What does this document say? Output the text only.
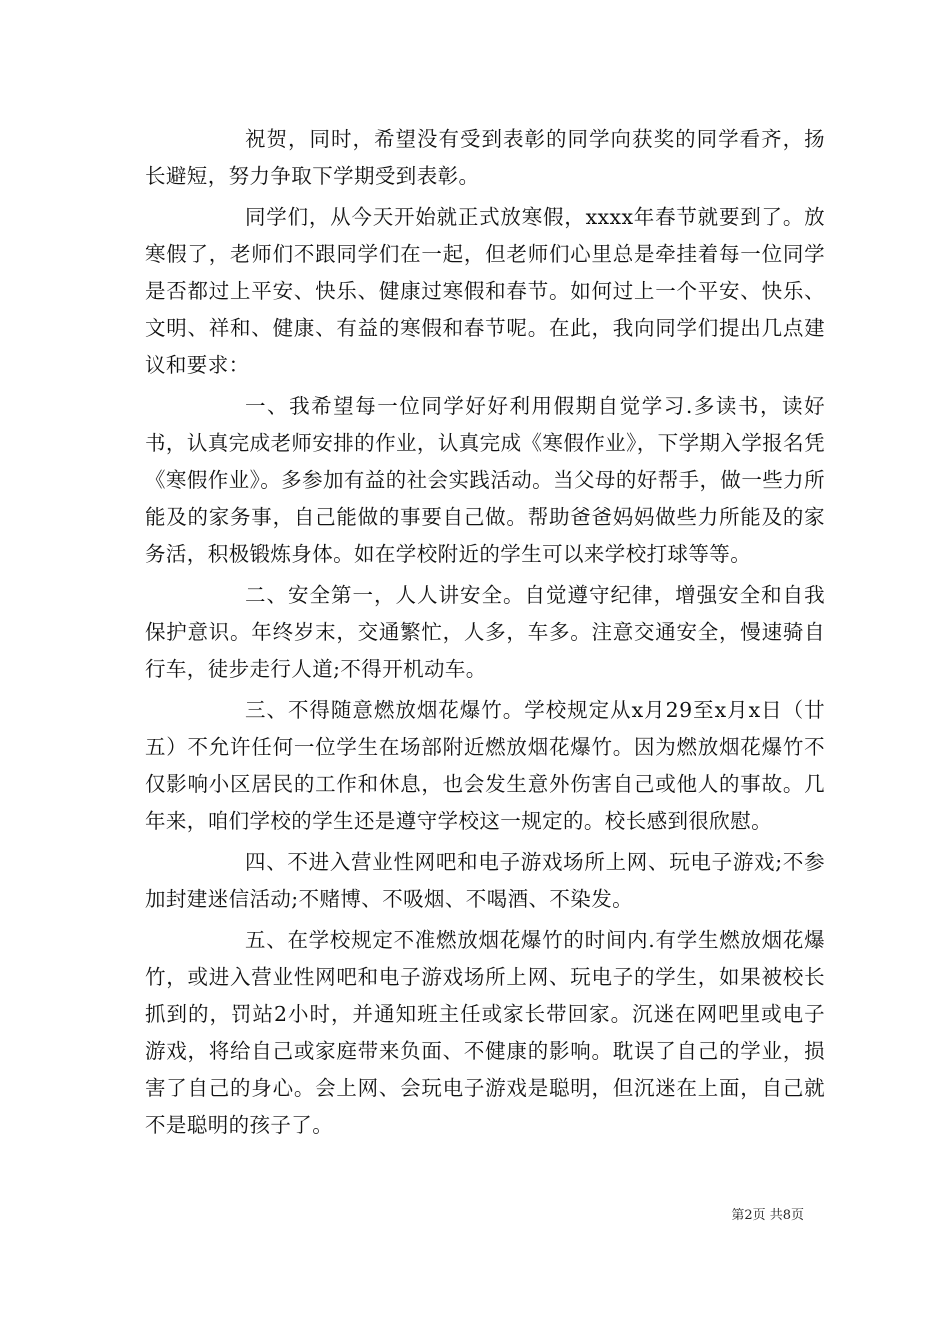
祝贺，同时，希望没有受到表彰的同学向获奖的同学看齐，扬长避短，努力争取下学期受到表彰。

同学们，从今天开始就正式放寒假，xxxx年春节就要到了。放寒假了，老师们不跟同学们在一起，但老师们心里总是牵挂着每一位同学是否都过上平安、快乐、健康过寒假和春节。如何过上一个平安、快乐、文明、祥和、健康、有益的寒假和春节呢。在此，我向同学们提出几点建议和要求：

一、我希望每一位同学好好利用假期自觉学习.多读书，读好书，认真完成老师安排的作业，认真完成《寒假作业》，下学期入学报名凭《寒假作业》。多参加有益的社会实践活动。当父母的好帮手，做一些力所能及的家务事，自己能做的事要自己做。帮助爸爸妈妈做些力所能及的家务活，积极锻炼身体。如在学校附近的学生可以来学校打球等等。

二、安全第一，人人讲安全。自觉遵守纪律，增强安全和自我保护意识。年终岁末，交通繁忙，人多，车多。注意交通安全，慢速骑自行车，徒步走行人道;不得开机动车。

三、不得随意燃放烟花爆竹。学校规定从x月29至x月x日（廿五）不允许任何一位学生在场部附近燃放烟花爆竹。因为燃放烟花爆竹不仅影响小区居民的工作和休息，也会发生意外伤害自己或他人的事故。几年来，咱们学校的学生还是遵守学校这一规定的。校长感到很欣慰。

四、不进入营业性网吧和电子游戏场所上网、玩电子游戏;不参加封建迷信活动;不赌博、不吸烟、不喝酒、不染发。

五、在学校规定不准燃放烟花爆竹的时间内.有学生燃放烟花爆竹，或进入营业性网吧和电子游戏场所上网、玩电子的学生，如果被校长抓到的，罚站2小时，并通知班主任或家长带回家。沉迷在网吧里或电子游戏，将给自己或家庭带来负面、不健康的影响。耽误了自己的学业，损害了自己的身心。会上网、会玩电子游戏是聪明，但沉迷在上面，自己就不是聪明的孩子了。

第2页 共8页
